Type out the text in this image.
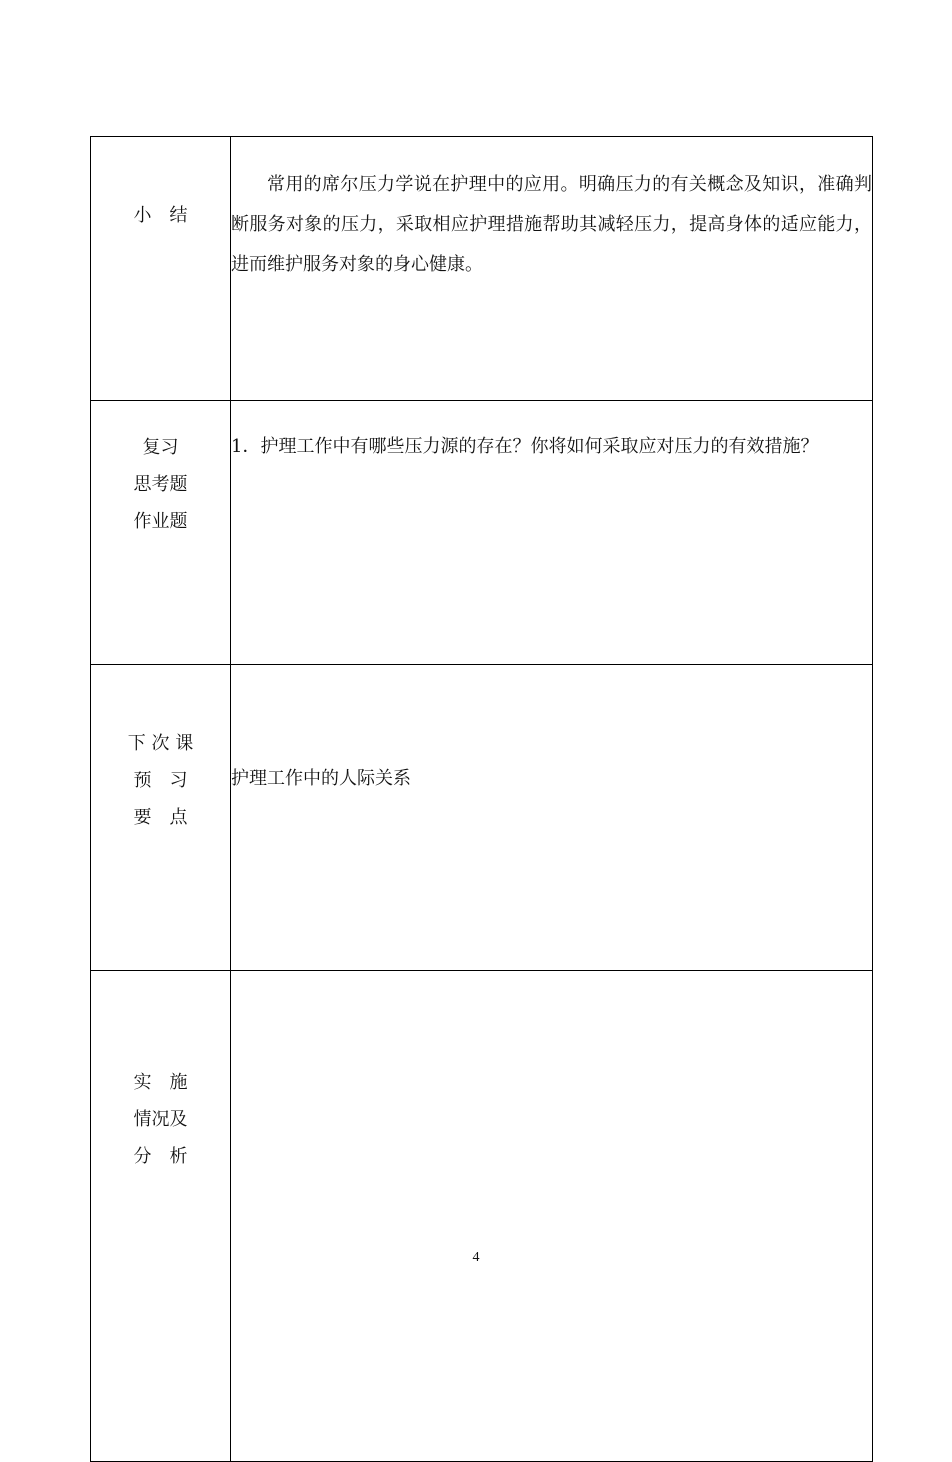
小　结	常用的席尔压力学说在护理中的应用。明确压力的有关概念及知识，准确判断服务对象的压力，采取相应护理措施帮助其减轻压力，提高身体的适应能力，进而维护服务对象的身心健康。

复习
思考题
作业题	1．护理工作中有哪些压力源的存在？你将如何采取应对压力的有效措施？

下 次 课
预　习
要　点	护理工作中的人际关系

实　施
情况及
分　析	

4
